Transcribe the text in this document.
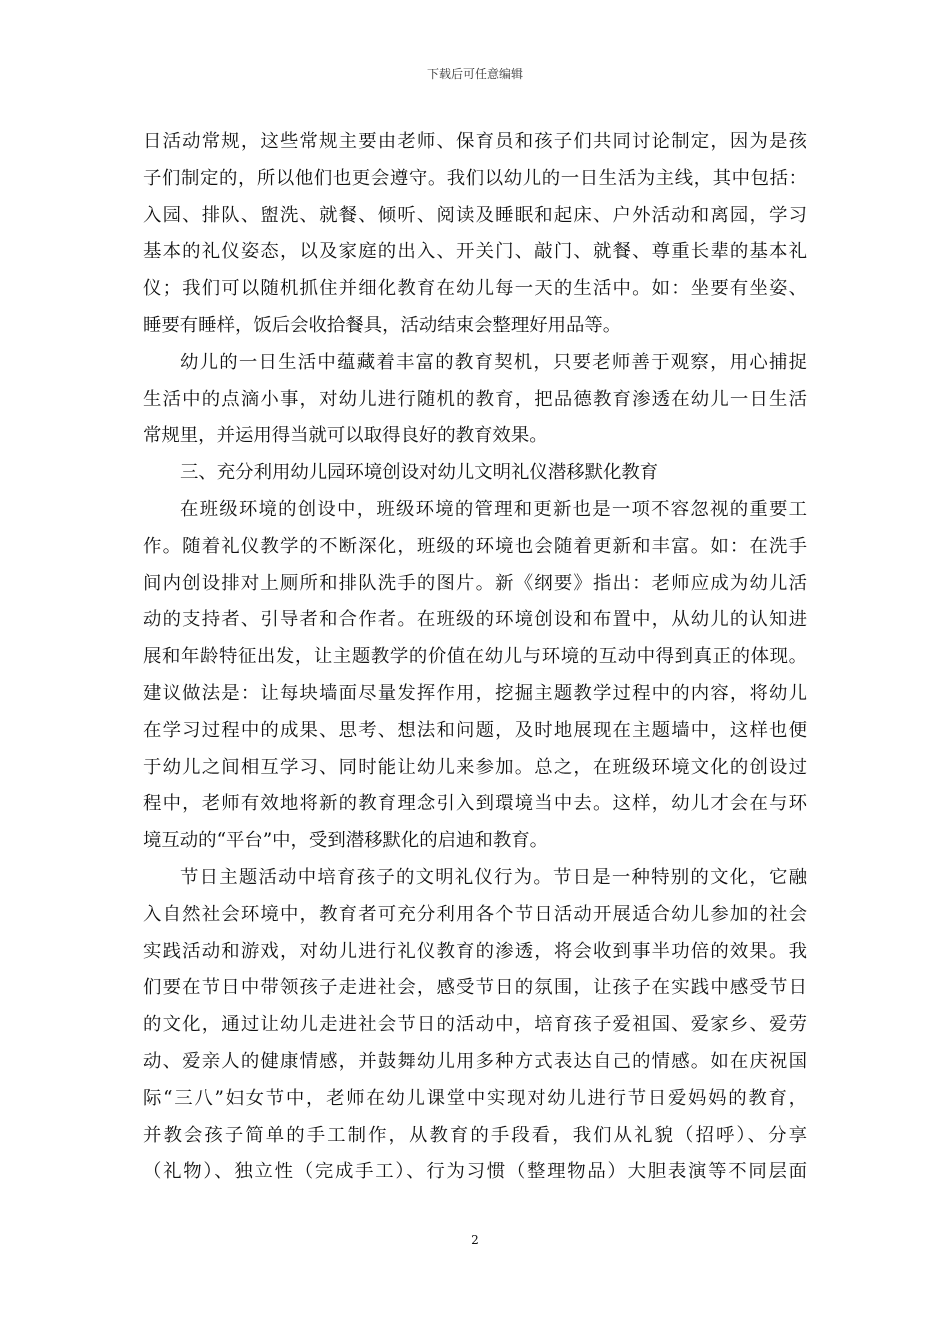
下载后可任意编辑
日活动常规，这些常规主要由老师、保育员和孩子们共同讨论制定，因为是孩
子们制定的，所以他们也更会遵守。我们以幼儿的一日生活为主线，其中包括：
入园、排队、盥洗、就餐、倾听、阅读及睡眠和起床、户外活动和离园，学习
基本的礼仪姿态，以及家庭的出入、开关门、敲门、就餐、尊重长辈的基本礼
仪；我们可以随机抓住并细化教育在幼儿每一天的生活中。如：坐要有坐姿、
睡要有睡样，饭后会收拾餐具，活动结束会整理好用品等。
幼儿的一日生活中蕴藏着丰富的教育契机，只要老师善于观察，用心捕捉
生活中的点滴小事，对幼儿进行随机的教育，把品德教育渗透在幼儿一日生活
常规里，并运用得当就可以取得良好的教育效果。
三、充分利用幼儿园环境创设对幼儿文明礼仪潜移默化教育
在班级环境的创设中，班级环境的管理和更新也是一项不容忽视的重要工
作。随着礼仪教学的不断深化，班级的环境也会随着更新和丰富。如：在洗手
间内创设排对上厕所和排队洗手的图片。新《纲要》指出：老师应成为幼儿活
动的支持者、引导者和合作者。在班级的环境创设和布置中，从幼儿的认知进
展和年龄特征出发，让主题教学的价值在幼儿与环境的互动中得到真正的体现。
建议做法是：让每块墙面尽量发挥作用，挖掘主题教学过程中的内容，将幼儿
在学习过程中的成果、思考、想法和问题，及时地展现在主题墙中，这样也便
于幼儿之间相互学习、同时能让幼儿来参加。总之，在班级环境文化的创设过
程中，老师有效地将新的教育理念引入到環境当中去。这样，幼儿才会在与环
境互动的“平台”中，受到潜移默化的启迪和教育。
节日主题活动中培育孩子的文明礼仪行为。节日是一种特别的文化，它融
入自然社会环境中，教育者可充分利用各个节日活动开展适合幼儿参加的社会
实践活动和游戏，对幼儿进行礼仪教育的渗透，将会收到事半功倍的效果。我
们要在节日中带领孩子走进社会，感受节日的氛围，让孩子在实践中感受节日
的文化，通过让幼儿走进社会节日的活动中，培育孩子爱祖国、爱家乡、爱劳
动、爱亲人的健康情感，并鼓舞幼儿用多种方式表达自己的情感。如在庆祝国
际“三八”妇女节中，老师在幼儿课堂中实现对幼儿进行节日爱妈妈的教育，
并教会孩子简单的手工制作，从教育的手段看，我们从礼貌（招呼）、分享
（礼物）、独立性（完成手工）、行为习惯（整理物品）大胆表演等不同层面
2
